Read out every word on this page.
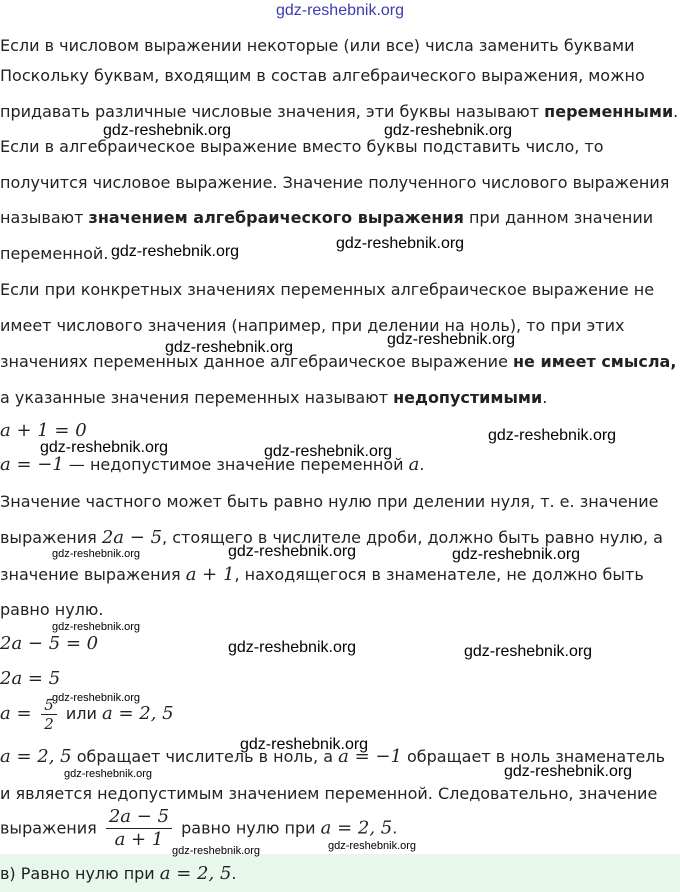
gdz-reshebnik.org
Если в числовом выражении некоторые (или все) числа заменить буквами
Поскольку буквам, входящим в состав алгебраического выражения, можно
придавать различные числовые значения, эти буквы называют переменными.
Если в алгебраическое выражение вместо буквы подставить число, то
получится числовое выражение. Значение полученного числового выражения
называют значением алгебраического выражения при данном значении
переменной.
Если при конкретных значениях переменных алгебраическое выражение не
имеет числового значения (например, при делении на ноль), то при этих
значениях переменных данное алгебраическое выражение не имеет смысла,
а указанные значения переменных называют недопустимыми.
a + 1 = 0
a = −1 — недопустимое значение переменной a.
Значение частного может быть равно нулю при делении нуля, т. е. значение
выражения 2a − 5, стоящего в числителе дроби, должно быть равно нулю, а
значение выражения a + 1, находящегося в знаменателе, не должно быть
равно нулю.
2a − 5 = 0
2a = 5
$a = \frac{5}{2}$ или a = 2, 5
a = 2, 5 обращает числитель в ноль, а a = −1 обращает в ноль знаменатель
и является недопустимым значением переменной. Следовательно, значение
выражения $\frac{2a - 5}{a + 1}$ равно нулю при a = 2, 5.
в) Равно нулю при a = 2, 5.
gdz-reshebnik.org	gdz-reshebnik.org
gdz-reshebnik.org	gdz-reshebnik.org
gdz-reshebnik.org	gdz-reshebnik.org
gdz-reshebnik.org	gdz-reshebnik.org
gdz-reshebnik.org
gdz-reshebnik.org	gdz-reshebnik.org	gdz-reshebnik.org
gdz-reshebnik.org
gdz-reshebnik.org	gdz-reshebnik.org
gdz-reshebnik.org
gdz-reshebnik.org
gdz-reshebnik.org	gdz-reshebnik.org
gdz-reshebnik.org	gdz-reshebnik.org
